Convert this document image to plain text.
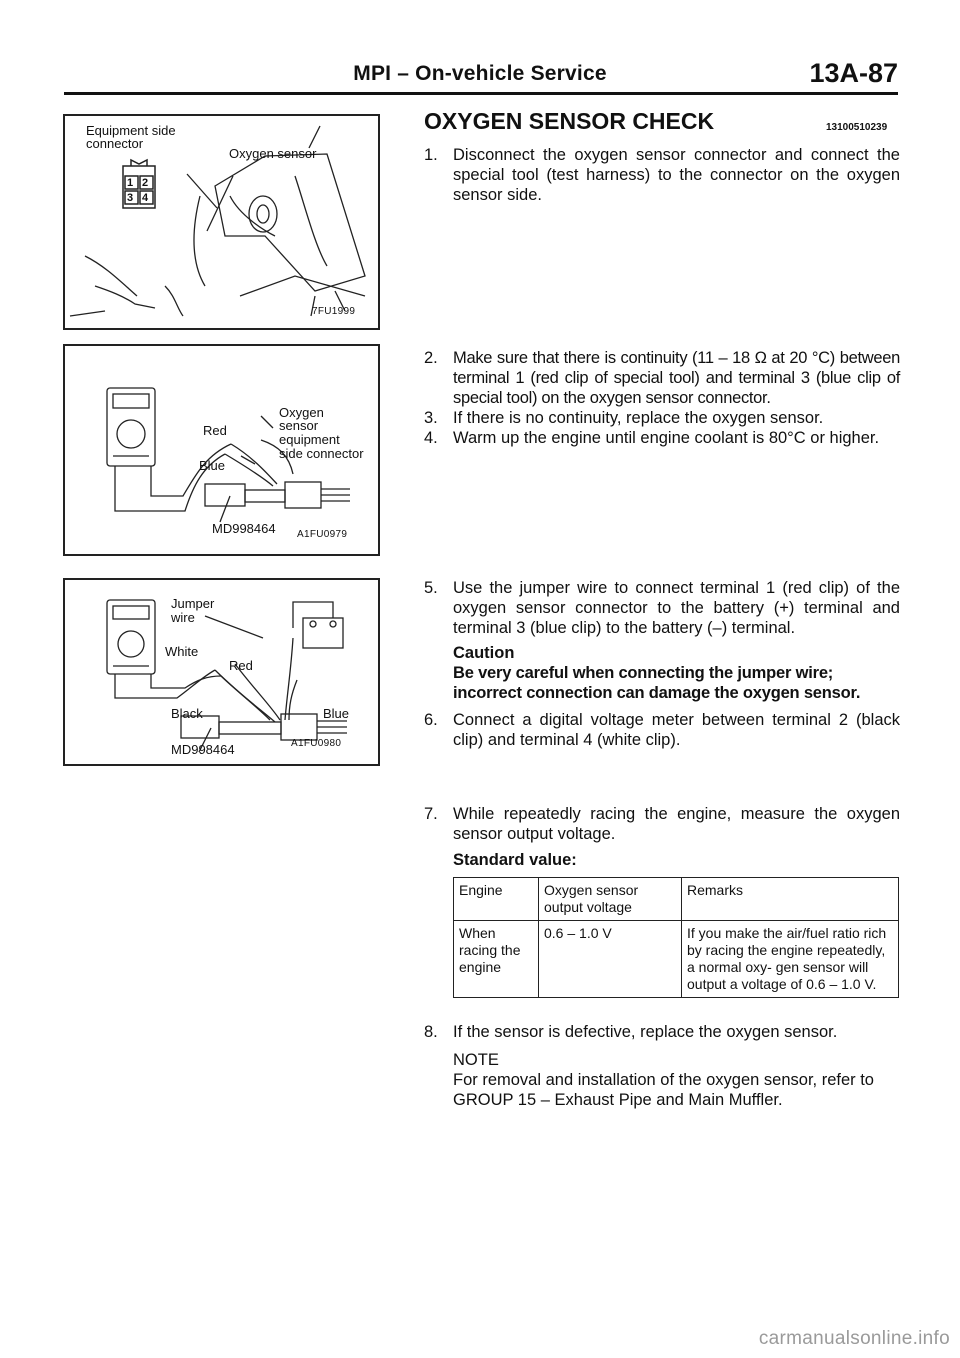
MPI – On-vehicle Service	13A-87
Equipment side
connector
Oxygen sensor
1 2
3 4
7FU1999
Oxygen
sensor
equipment
side connector
Red
Blue
MD998464 A1FU0979
Jumper
wire
White
Red
Black	Blue
MD998464	A1FU0980
OXYGEN SENSOR CHECK	13100510239
1. Disconnect the oxygen sensor connector and connect the special tool (test harness) to the connector on the oxygen sensor side.
2. Make sure that there is continuity (11 – 18 Ω at 20 °C) between terminal 1 (red clip of special tool) and terminal 3 (blue clip of special tool) on the oxygen sensor connector.
3. If there is no continuity, replace the oxygen sensor.
4. Warm up the engine until engine coolant is 80°C or higher.
5. Use the jumper wire to connect terminal 1 (red clip) of the oxygen sensor connector to the battery (+) terminal and terminal 3 (blue clip) to the battery (–) terminal.
Caution
Be very careful when connecting the jumper wire; incorrect connection can damage the oxygen sensor.
6. Connect a digital voltage meter between terminal 2 (black clip) and terminal 4 (white clip).
7. While repeatedly racing the engine, measure the oxygen sensor output voltage.
Standard value:
Engine	Oxygen sensor output voltage	Remarks
When racing the engine	0.6 – 1.0 V	If you make the air/fuel ratio rich by racing the engine repeatedly, a normal oxy- gen sensor will output a voltage of 0.6 – 1.0 V.
8. If the sensor is defective, replace the oxygen sensor.
NOTE
For removal and installation of the oxygen sensor, refer to GROUP 15 – Exhaust Pipe and Main Muffler.
carmanualsonline.info
